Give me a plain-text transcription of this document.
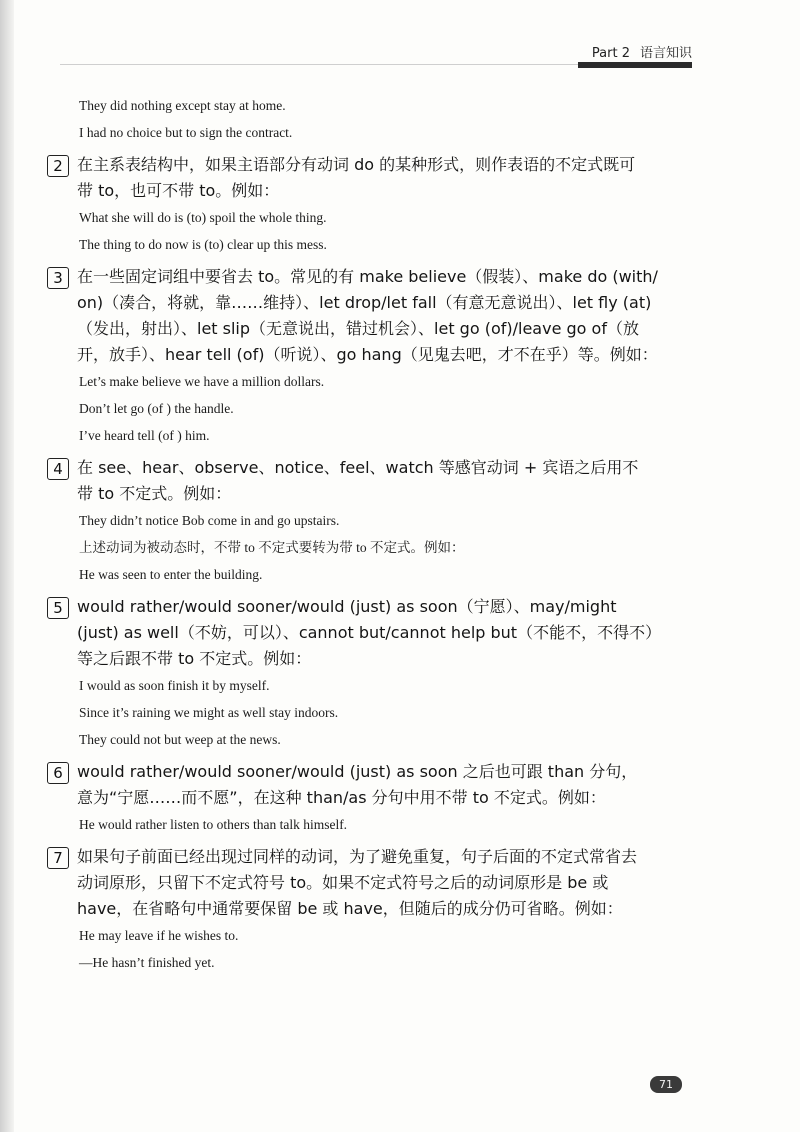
Part 2 语言知识
They did nothing except stay at home.
I had no choice but to sign the contract.
2 在主系表结构中，如果主语部分有动词 do 的某种形式，则作表语的不定式既可
带 to，也可不带 to。例如：
What she will do is (to) spoil the whole thing.
The thing to do now is (to) clear up this mess.
3 在一些固定词组中要省去 to。常见的有 make believe（假装）、make do (with/
on)（凑合，将就，靠……维持）、let drop/let fall（有意无意说出）、let fly (at)
（发出，射出）、let slip（无意说出，错过机会）、let go (of)/leave go of（放
开，放手）、hear tell (of)（听说）、go hang（见鬼去吧，才不在乎）等。例如：
Let’s make believe we have a million dollars.
Don’t let go (of ) the handle.
I’ve heard tell (of ) him.
4 在 see、hear、observe、notice、feel、watch 等感官动词 + 宾语之后用不
带 to 不定式。例如：
They didn’t notice Bob come in and go upstairs.
上述动词为被动态时，不带 to 不定式要转为带 to 不定式。例如：
He was seen to enter the building.
5 would rather/would sooner/would (just) as soon（宁愿）、may/might
(just) as well（不妨，可以）、cannot but/cannot help but（不能不，不得不）
等之后跟不带 to 不定式。例如：
I would as soon finish it by myself.
Since it’s raining we might as well stay indoors.
They could not but weep at the news.
6 would rather/would sooner/would (just) as soon 之后也可跟 than 分句，
意为“宁愿……而不愿”，在这种 than/as 分句中用不带 to 不定式。例如：
He would rather listen to others than talk himself.
7 如果句子前面已经出现过同样的动词，为了避免重复，句子后面的不定式常省去
动词原形，只留下不定式符号 to。如果不定式符号之后的动词原形是 be 或
have，在省略句中通常要保留 be 或 have，但随后的成分仍可省略。例如：
He may leave if he wishes to.
—He hasn’t finished yet.
71
